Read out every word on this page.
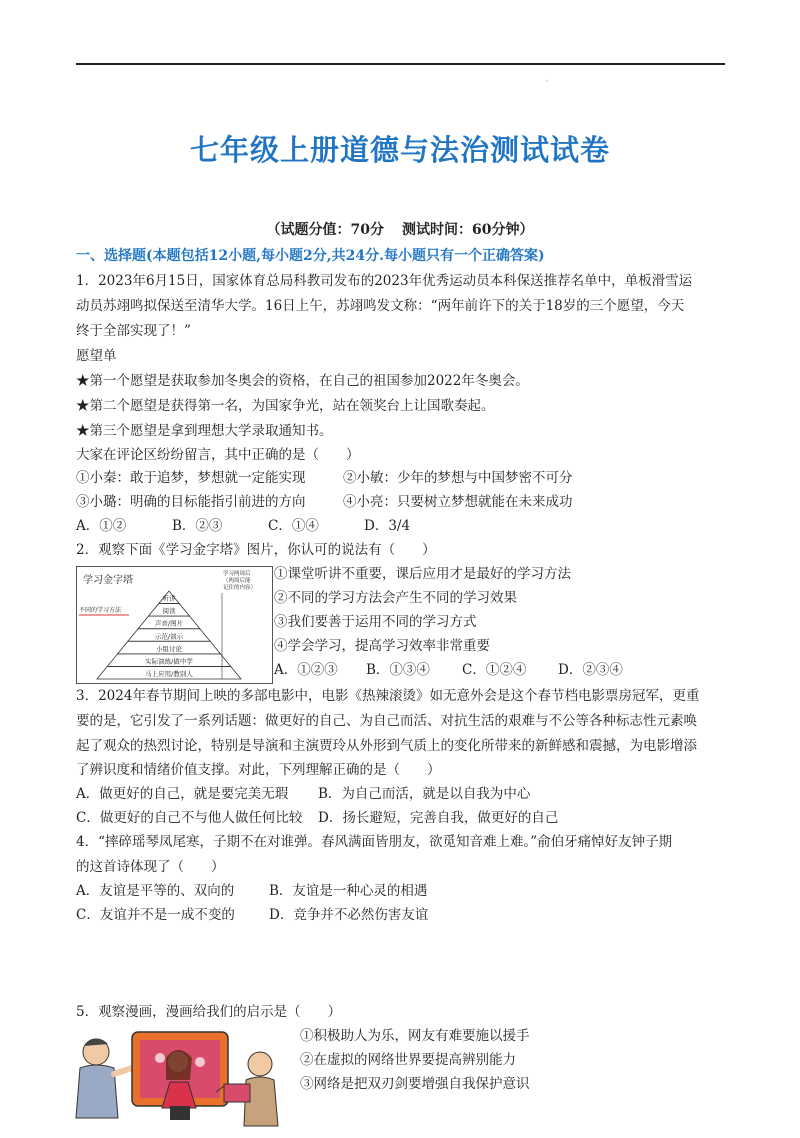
。
七年级上册道德与法治测试试卷
（试题分值：70分 测试时间：60分钟）
一、选择题(本题包括12小题,每小题2分,共24分.每小题只有一个正确答案)
1．2023年6月15日，国家体育总局科教司发布的2023年优秀运动员本科保送推荐名单中，单板滑雪运
动员苏翊鸣拟保送至清华大学。16日上午，苏翊鸣发文称：“两年前许下的关于18岁的三个愿望，今天
终于全部实现了！”
愿望单
★第一个愿望是获取参加冬奥会的资格，在自己的祖国参加2022年冬奥会。
★第二个愿望是获得第一名，为国家争光，站在领奖台上让国歌奏起。
★第三个愿望是拿到理想大学录取通知书。
大家在评论区纷纷留言，其中正确的是（　　）
①小秦：敢于追梦，梦想就一定能实现	②小敏：少年的梦想与中国梦密不可分
③小璐：明确的目标能指引前进的方向	④小亮：只要树立梦想就能在未来成功
A．①②	B．②③	C．①④	D．3/4
2．观察下面《学习金字塔》图片，你认可的说法有（　　）
学习金字塔
不同的学习方法
学习两周后
（两周后能
记住的内容）
听讲
阅读
声音/图片
示范/演示
小组讨论
实际演练/做中学
马上应用/教别人
①课堂听讲不重要，课后应用才是最好的学习方法
②不同的学习方法会产生不同的学习效果
③我们要善于运用不同的学习方式
④学会学习，提高学习效率非常重要
A．①②③ B．①③④ C．①②④ D．②③④
3．2024年春节期间上映的多部电影中，电影《热辣滚烫》如无意外会是这个春节档电影票房冠军，更重
要的是，它引发了一系列话题：做更好的自己、为自己而活、对抗生活的艰难与不公等各种标志性元素唤
起了观众的热烈讨论，特别是导演和主演贾玲从外形到气质上的变化所带来的新鲜感和震撼，为电影增添
了辨识度和情绪价值支撑。对此，下列理解正确的是（　　）
A．做更好的自己，就是要完美无瑕 B．为自己而活，就是以自我为中心
C．做更好的自己不与他人做任何比较 D．扬长避短，完善自我，做更好的自己
4．“摔碎瑶琴凤尾寒，子期不在对谁弹。春风满面皆朋友，欲觅知音难上难。”俞伯牙痛悼好友钟子期
的这首诗体现了（　　）
A．友谊是平等的、双向的	B．友谊是一种心灵的相遇
C．友谊并不是一成不变的	D．竞争并不必然伤害友谊
5．观察漫画，漫画给我们的启示是（　　）
①积极助人为乐，网友有难要施以援手
②在虚拟的网络世界要提高辨别能力
③网络是把双刃剑要增强自我保护意识
